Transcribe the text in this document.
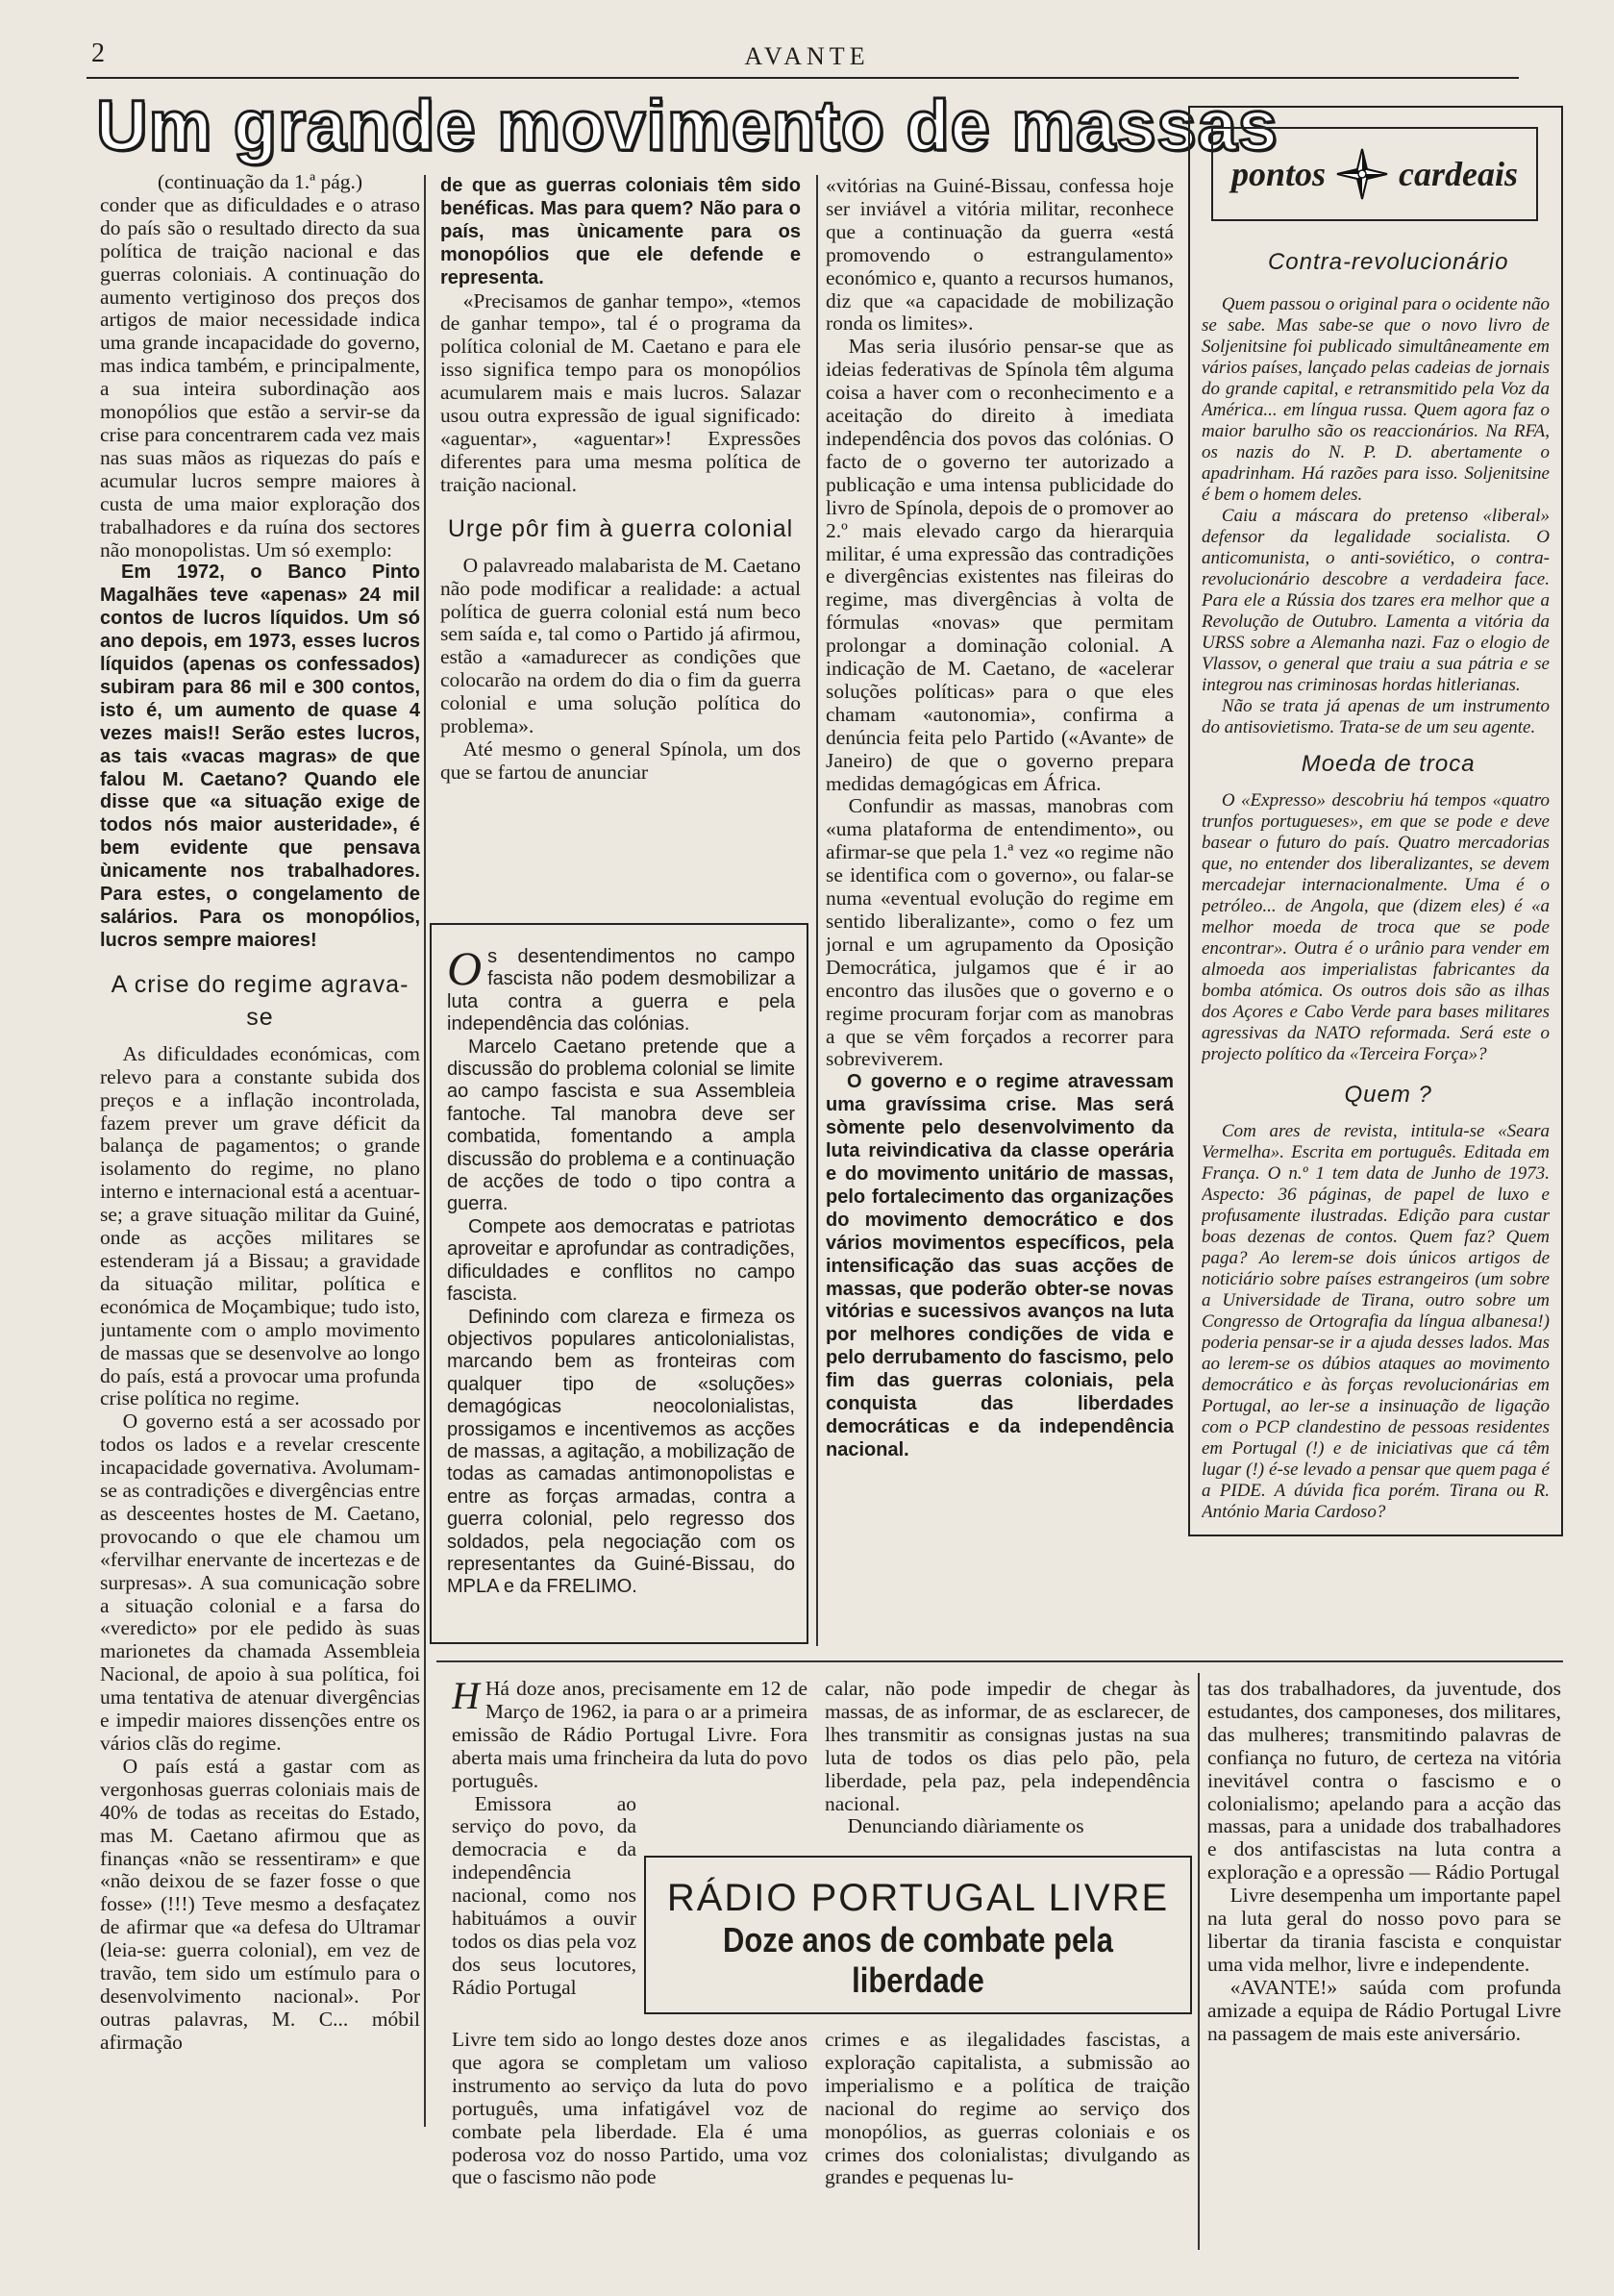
2	AVANTE
Um grande movimento de massas

(continuação da 1.ª pág.)

conder que as dificuldades e o atraso do país são o resultado directo da sua política de traição nacional e das guerras coloniais. A continuação do aumento vertiginoso dos preços dos artigos de maior necessidade indica uma grande incapacidade do governo, mas indica também, e principalmente, a sua inteira subordinação aos monopólios que estão a servir-se da crise para concentrarem cada vez mais nas suas mãos as riquezas do país e acumular lucros sempre maiores à custa de uma maior exploração dos trabalhadores e da ruína dos sectores não monopolistas. Um só exemplo:

Em 1972, o Banco Pinto Magalhães teve «apenas» 24 mil contos de lucros líquidos. Um só ano depois, em 1973, esses lucros líquidos (apenas os confessados) subiram para 86 mil e 300 contos, isto é, um aumento de quase 4 vezes mais!! Serão estes lucros, as tais «vacas magras» de que falou M. Caetano? Quando ele disse que «a situação exige de todos nós maior austeridade», é bem evidente que pensava ùnicamente nos trabalhadores. Para estes, o congelamento de salários. Para os monopólios, lucros sempre maiores!

A crise do regime agrava-se

As dificuldades económicas, com relevo para a constante subida dos preços e a inflação incontrolada, fazem prever um grave déficit da balança de pagamentos; o grande isolamento do regime, no plano interno e internacional está a acentuar-se; a grave situação militar da Guiné, onde as acções militares se estenderam já a Bissau; a gravidade da situação militar, política e económica de Moçambique; tudo isto, juntamente com o amplo movimento de massas que se desenvolve ao longo do país, está a provocar uma profunda crise política no regime.

O governo está a ser acossado por todos os lados e a revelar crescente incapacidade governativa. Avolumam-se as contradições e divergências entre as desceentes hostes de M. Caetano, provocando o que ele chamou um «fervilhar enervante de incertezas e de surpresas». A sua comunicação sobre a situação colonial e a farsa do «veredicto» por ele pedido às suas marionetes da chamada Assembleia Nacional, de apoio à sua política, foi uma tentativa de atenuar divergências e impedir maiores dissenções entre os vários clãs do regime.

O país está a gastar com as vergonhosas guerras coloniais mais de 40% de todas as receitas do Estado, mas M. Caetano afirmou que as finanças «não se ressentiram» e que «não deixou de se fazer fosse o que fosse» (!!!) Teve mesmo a desfaçatez de afirmar que «a defesa do Ultramar (leia-se: guerra colonial), em vez de travão, tem sido um estímulo para o desenvolvimento nacional». Por outras palavras, M. C... móbil afirmação

de que as guerras coloniais têm sido benéficas. Mas para quem? Não para o país, mas ùnicamente para os monopólios que ele defende e representa.

«Precisamos de ganhar tempo», «temos de ganhar tempo», tal é o programa da política colonial de M. Caetano e para ele isso significa tempo para os monopólios acumularem mais e mais lucros. Salazar usou outra expressão de igual significado: «aguentar», «aguentar»! Expressões diferentes para uma mesma política de traição nacional.

Urge pôr fim à guerra colonial

O palavreado malabarista de M. Caetano não pode modificar a realidade: a actual política de guerra colonial está num beco sem saída e, tal como o Partido já afirmou, estão a «amadurecer as condições que colocarão na ordem do dia o fim da guerra colonial e uma solução política do problema».

Até mesmo o general Spínola, um dos que se fartou de anunciar

O s desentendimentos no campo fascista não podem desmobilizar a luta contra a guerra e pela independência das colónias.

Marcelo Caetano pretende que a discussão do problema colonial se limite ao campo fascista e sua Assembleia fantoche. Tal manobra deve ser combatida, fomentando a ampla discussão do problema e a continuação de acções de todo o tipo contra a guerra.

Compete aos democratas e patriotas aproveitar e aprofundar as contradições, dificuldades e conflitos no campo fascista.

Definindo com clareza e firmeza os objectivos populares anticolonialistas, marcando bem as fronteiras com qualquer tipo de «soluções» demagógicas neocolonialistas, prossigamos e incentivemos as acções de massas, a agitação, a mobilização de todas as camadas antimonopolistas e entre as forças armadas, contra a guerra colonial, pelo regresso dos soldados, pela negociação com os representantes da Guiné-Bissau, do MPLA e da FRELIMO.

«vitórias na Guiné-Bissau, confessa hoje ser inviável a vitória militar, reconhece que a continuação da guerra «está promovendo o estrangulamento» económico e, quanto a recursos humanos, diz que «a capacidade de mobilização ronda os limites».

Mas seria ilusório pensar-se que as ideias federativas de Spínola têm alguma coisa a haver com o reconhecimento e a aceitação do direito à imediata independência dos povos das colónias. O facto de o governo ter autorizado a publicação e uma intensa publicidade do livro de Spínola, depois de o promover ao 2.º mais elevado cargo da hierarquia militar, é uma expressão das contradições e divergências existentes nas fileiras do regime, mas divergências à volta de fórmulas «novas» que permitam prolongar a dominação colonial. A indicação de M. Caetano, de «acelerar soluções políticas» para o que eles chamam «autonomia», confirma a denúncia feita pelo Partido («Avante» de Janeiro) de que o governo prepara medidas demagógicas em África.

Confundir as massas, manobras com «uma plataforma de entendimento», ou afirmar-se que pela 1.ª vez «o regime não se identifica com o governo», ou falar-se numa «eventual evolução do regime em sentido liberalizante», como o fez um jornal e um agrupamento da Oposição Democrática, julgamos que é ir ao encontro das ilusões que o governo e o regime procuram forjar com as manobras a que se vêm forçados a recorrer para sobreviverem.

O governo e o regime atravessam uma gravíssima crise. Mas será sòmente pelo desenvolvimento da luta reivindicativa da classe operária e do movimento unitário de massas, pelo fortalecimento das organizações do movimento democrático e dos vários movimentos específicos, pela intensificação das suas acções de massas, que poderão obter-se novas vitórias e sucessivos avanços na luta por melhores condições de vida e pelo derrubamento do fascismo, pelo fim das guerras coloniais, pela conquista das liberdades democráticas e da independência nacional.

pontos cardeais

Contra-revolucionário

Quem passou o original para o ocidente não se sabe. Mas sabe-se que o novo livro de Soljenitsine foi publicado simultâneamente em vários países, lançado pelas cadeias de jornais do grande capital, e retransmitido pela Voz da América... em língua russa. Quem agora faz o maior barulho são os reaccionários. Na RFA, os nazis do N. P. D. abertamente o apadrinham. Há razões para isso. Soljenitsine é bem o homem deles.

Caiu a máscara do pretenso «liberal» defensor da legalidade socialista. O anticomunista, o anti-soviético, o contra-revolucionário descobre a verdadeira face. Para ele a Rússia dos tzares era melhor que a Revolução de Outubro. Lamenta a vitória da URSS sobre a Alemanha nazi. Faz o elogio de Vlassov, o general que traiu a sua pátria e se integrou nas criminosas hordas hitlerianas.

Não se trata já apenas de um instrumento do antisovietismo. Trata-se de um seu agente.

Moeda de troca

O «Expresso» descobriu há tempos «quatro trunfos portugueses», em que se pode e deve basear o futuro do país. Quatro mercadorias que, no entender dos liberalizantes, se devem mercadejar internacionalmente. Uma é o petróleo... de Angola, que (dizem eles) é «a melhor moeda de troca que se pode encontrar». Outra é o urânio para vender em almoeda aos imperialistas fabricantes da bomba atómica. Os outros dois são as ilhas dos Açores e Cabo Verde para bases militares agressivas da NATO reformada. Será este o projecto político da «Terceira Força»?

Quem ?

Com ares de revista, intitula-se «Seara Vermelha». Escrita em português. Editada em França. O n.º 1 tem data de Junho de 1973. Aspecto: 36 páginas, de papel de luxo e profusamente ilustradas. Edição para custar boas dezenas de contos. Quem faz? Quem paga? Ao lerem-se dois únicos artigos de noticiário sobre países estrangeiros (um sobre a Universidade de Tirana, outro sobre um Congresso de Ortografia da língua albanesa!) poderia pensar-se ir a ajuda desses lados. Mas ao lerem-se os dúbios ataques ao movimento democrático e às forças revolucionárias em Portugal, ao ler-se a insinuação de ligação com o PCP clandestino de pessoas residentes em Portugal (!) e de iniciativas que cá têm lugar (!) é-se levado a pensar que quem paga é a PIDE. A dúvida fica porém. Tirana ou R. António Maria Cardoso?

H Há doze anos, precisamente em 12 de Março de 1962, ia para o ar a primeira emissão de Rádio Portugal Livre. Fora aberta mais uma frincheira da luta do povo português.

Emissora ao serviço do povo, da democracia e da independência nacional, como nos habituámos a ouvir todos os dias pela voz dos seus locutores, Rádio Portugal

calar, não pode impedir de chegar às massas, de as informar, de as esclarecer, de lhes transmitir as consignas justas na sua luta de todos os dias pelo pão, pela liberdade, pela paz, pela independência nacional.

Denunciando diàriamente os

RÁDIO PORTUGAL LIVRE
Doze anos de combate pela liberdade

Livre tem sido ao longo destes doze anos que agora se completam um valioso instrumento ao serviço da luta do povo português, uma infatigável voz de combate pela liberdade. Ela é uma poderosa voz do nosso Partido, uma voz que o fascismo não pode

crimes e as ilegalidades fascistas, a exploração capitalista, a submissão ao imperialismo e a política de traição nacional do regime ao serviço dos monopólios, as guerras coloniais e os crimes dos colonialistas; divulgando as grandes e pequenas lu-

tas dos trabalhadores, da juventude, dos estudantes, dos camponeses, dos militares, das mulheres; transmitindo palavras de confiança no futuro, de certeza na vitória inevitável contra o fascismo e o colonialismo; apelando para a acção das massas, para a unidade dos trabalhadores e dos antifascistas na luta contra a exploração e a opressão — Rádio Portugal

Livre desempenha um importante papel na luta geral do nosso povo para se libertar da tirania fascista e conquistar uma vida melhor, livre e independente.

«AVANTE!» saúda com profunda amizade a equipa de Rádio Portugal Livre na passagem de mais este aniversário.
